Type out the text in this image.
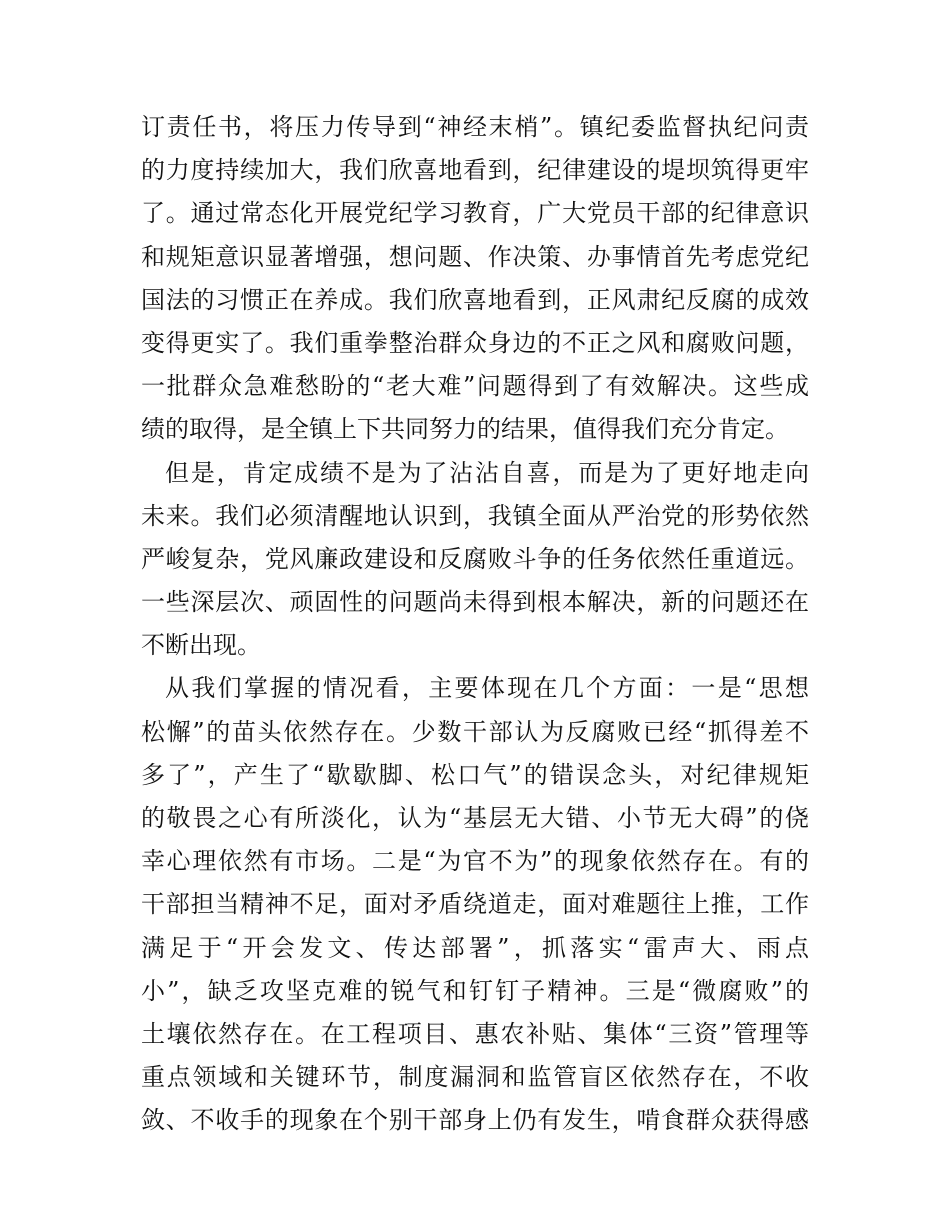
订责任书，将压力传导到“神经末梢”。镇纪委监督执纪问责
的力度持续加大，我们欣喜地看到，纪律建设的堤坝筑得更牢
了。通过常态化开展党纪学习教育，广大党员干部的纪律意识
和规矩意识显著增强，想问题、作决策、办事情首先考虑党纪
国法的习惯正在养成。我们欣喜地看到，正风肃纪反腐的成效
变得更实了。我们重拳整治群众身边的不正之风和腐败问题，
一批群众急难愁盼的“老大难”问题得到了有效解决。这些成
绩的取得，是全镇上下共同努力的结果，值得我们充分肯定。
但是，肯定成绩不是为了沾沾自喜，而是为了更好地走向
未来。我们必须清醒地认识到，我镇全面从严治党的形势依然
严峻复杂，党风廉政建设和反腐败斗争的任务依然任重道远。
一些深层次、顽固性的问题尚未得到根本解决，新的问题还在
不断出现。
从我们掌握的情况看，主要体现在几个方面：一是“思想
松懈”的苗头依然存在。少数干部认为反腐败已经“抓得差不
多了”，产生了“歇歇脚、松口气”的错误念头，对纪律规矩
的敬畏之心有所淡化，认为“基层无大错、小节无大碍”的侥
幸心理依然有市场。二是“为官不为”的现象依然存在。有的
干部担当精神不足，面对矛盾绕道走，面对难题往上推，工作
满足于“开会发文、传达部署”，抓落实“雷声大、雨点
小”，缺乏攻坚克难的锐气和钉钉子精神。三是“微腐败”的
土壤依然存在。在工程项目、惠农补贴、集体“三资”管理等
重点领域和关键环节，制度漏洞和监管盲区依然存在，不收
敛、不收手的现象在个别干部身上仍有发生，啃食群众获得感
